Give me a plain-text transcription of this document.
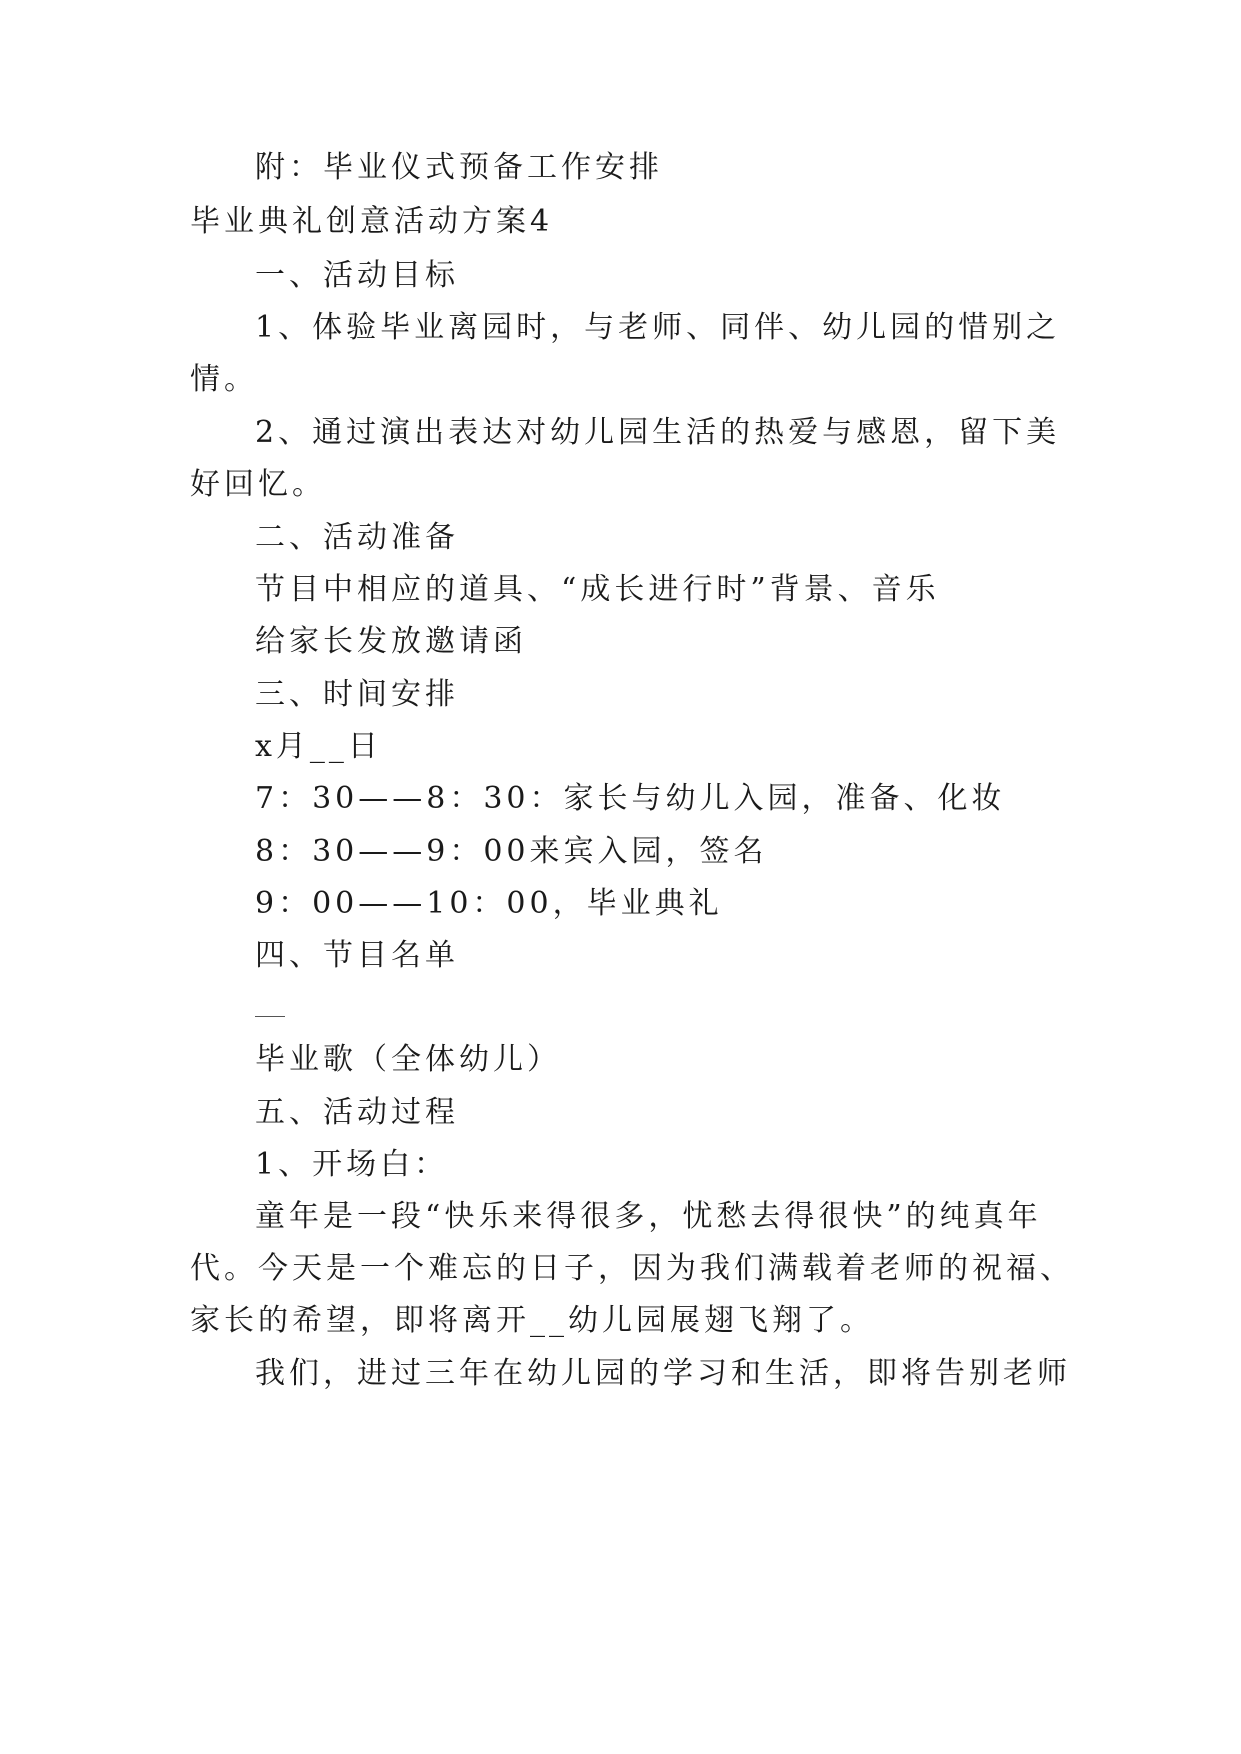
附：毕业仪式预备工作安排
毕业典礼创意活动方案4
一、活动目标
1、体验毕业离园时，与老师、同伴、幼儿园的惜别之
情。
2、通过演出表达对幼儿园生活的热爱与感恩，留下美
好回忆。
二、活动准备
节目中相应的道具、“成长进行时”背景、音乐
给家长发放邀请函
三、时间安排
x月__日
7：30——8：30：家长与幼儿入园，准备、化妆
8：30——9：00来宾入园，签名
9：00——10：00，毕业典礼
四、节目名单
毕业歌（全体幼儿）
五、活动过程
1、开场白：
童年是一段“快乐来得很多，忧愁去得很快”的纯真年
代。今天是一个难忘的日子，因为我们满载着老师的祝福、
家长的希望，即将离开__幼儿园展翅飞翔了。
我们，进过三年在幼儿园的学习和生活，即将告别老师
